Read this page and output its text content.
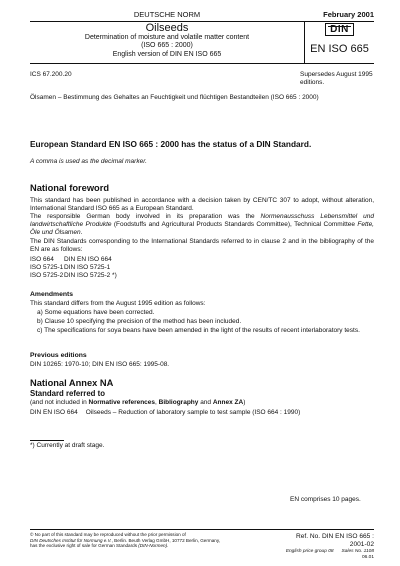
DEUTSCHE NORM	February 2001
Oilseeds
Determination of moisture and volatile matter content
(ISO 665 : 2000)
English version of DIN EN ISO 665
DIN
EN ISO 665
ICS 67.200.20	Supersedes August 1995
editions.
Ölsamen – Bestimmung des Gehaltes an Feuchtigkeit und flüchtigen Bestandteilen (ISO 665 : 2000)
European Standard EN ISO 665 : 2000 has the status of a DIN Standard.
A comma is used as the decimal marker.
National foreword
This standard has been published in accordance with a decision taken by CEN/TC 307 to adopt, without alteration, International Standard ISO 665 as a European Standard.
The responsible German body involved in its preparation was the Normenausschuss Lebensmittel und landwirtschaftliche Produkte (Foodstuffs and Agricultural Products Standards Committee), Technical Committee Fette, Öle und Ölsamen.
The DIN Standards corresponding to the International Standards referred to in clause 2 and in the bibliography of the EN are as follows:
ISO 664	DIN EN ISO 664
ISO 5725-1	DIN ISO 5725-1
ISO 5725-2	DIN ISO 5725-2 *)
Amendments
This standard differs from the August 1995 edition as follows:
a) Some equations have been corrected.
b) Clause 10 specifying the precision of the method has been included.
c) The specifications for soya beans have been amended in the light of the results of recent interlaboratory tests.
Previous editions
DIN 10265: 1970-10; DIN EN ISO 665: 1995-08.
National Annex NA
Standard referred to
(and not included in Normative references, Bibliography and Annex ZA)
DIN EN ISO 664 Oilseeds – Reduction of laboratory sample to test sample (ISO 664 : 1990)
*) Currently at draft stage.
EN comprises 10 pages.
© No part of this standard may be reproduced without the prior permission of
DIN Deutsches Institut für Normung e.V., Berlin. Beuth Verlag GmbH, 10772 Berlin, Germany,
has the exclusive right of sale for German Standards (DIN-Normen).
Ref. No. DIN EN ISO 665 : 2001-02
English price group 08 Sales No. 1108
06.01
